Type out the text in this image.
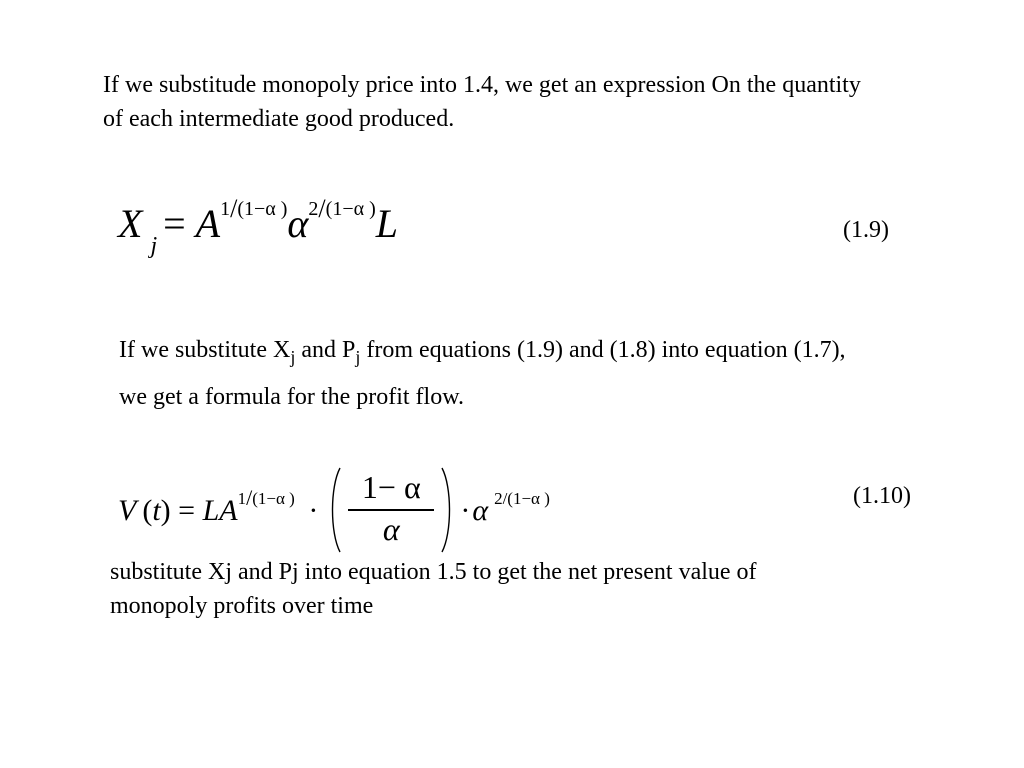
If we substitude monopoly price into 1.4, we get an expression On the quantity of each intermediate good produced.

X $_j = A^{1/(1-\alpha )}\alpha^{2/(1-\alpha )}L$	(1.9)

If we substitute $X_j$ and $P_j$ from equations (1.9) and (1.8) into equation (1.7), we get a formula for the profit flow.

V $(t) = LA^{1/(1-\alpha )}$ ·
1− α
α
·α $^{2/(1-\alpha )}$	(1.10)

substitute Xj and Pj into equation 1.5 to get the net present value of monopoly profits over time
